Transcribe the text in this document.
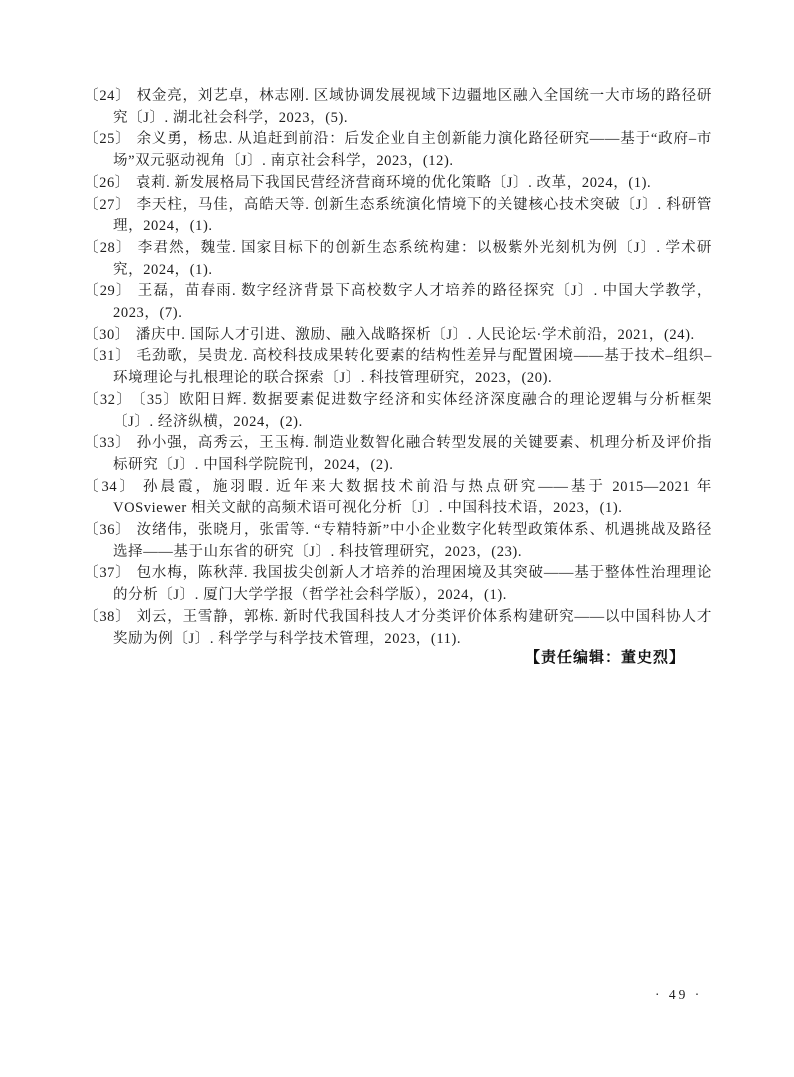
〔24〕 权金亮，刘艺卓，林志刚. 区域协调发展视域下边疆地区融入全国统一大市场的路径研究〔J〕. 湖北社会科学，2023，(5).
〔25〕 余义勇，杨忠. 从追赶到前沿：后发企业自主创新能力演化路径研究——基于“政府–市场”双元驱动视角〔J〕. 南京社会科学，2023，(12).
〔26〕 袁莉. 新发展格局下我国民营经济营商环境的优化策略〔J〕. 改革，2024，(1).
〔27〕 李天柱，马佳，高皓天等. 创新生态系统演化情境下的关键核心技术突破〔J〕. 科研管理，2024，(1).
〔28〕 李君然，魏莹. 国家目标下的创新生态系统构建：以极紫外光刻机为例〔J〕. 学术研究，2024，(1).
〔29〕 王磊，苗春雨. 数字经济背景下高校数字人才培养的路径探究〔J〕. 中国大学教学，2023，(7).
〔30〕 潘庆中. 国际人才引进、激励、融入战略探析〔J〕. 人民论坛·学术前沿，2021，(24).
〔31〕 毛劲歌，吴贵龙. 高校科技成果转化要素的结构性差异与配置困境——基于技术–组织–环境理论与扎根理论的联合探索〔J〕. 科技管理研究，2023，(20).
〔32〕 〔35〕欧阳日辉. 数据要素促进数字经济和实体经济深度融合的理论逻辑与分析框架〔J〕. 经济纵横，2024，(2).
〔33〕 孙小强，高秀云，王玉梅. 制造业数智化融合转型发展的关键要素、机理分析及评价指标研究〔J〕. 中国科学院院刊，2024，(2).
〔34〕 孙晨霞，施羽暇. 近年来大数据技术前沿与热点研究——基于 2015—2021 年 VOSviewer 相关文献的高频术语可视化分析〔J〕. 中国科技术语，2023，(1).
〔36〕 汝绪伟，张晓月，张雷等. “专精特新”中小企业数字化转型政策体系、机遇挑战及路径选择——基于山东省的研究〔J〕. 科技管理研究，2023，(23).
〔37〕 包水梅，陈秋萍. 我国拔尖创新人才培养的治理困境及其突破——基于整体性治理理论的分析〔J〕. 厦门大学学报（哲学社会科学版），2024，(1).
〔38〕 刘云，王雪静，郭栋. 新时代我国科技人才分类评价体系构建研究——以中国科协人才奖励为例〔J〕. 科学学与科学技术管理，2023，(11).
【责任编辑：董史烈】
· 49 ·
